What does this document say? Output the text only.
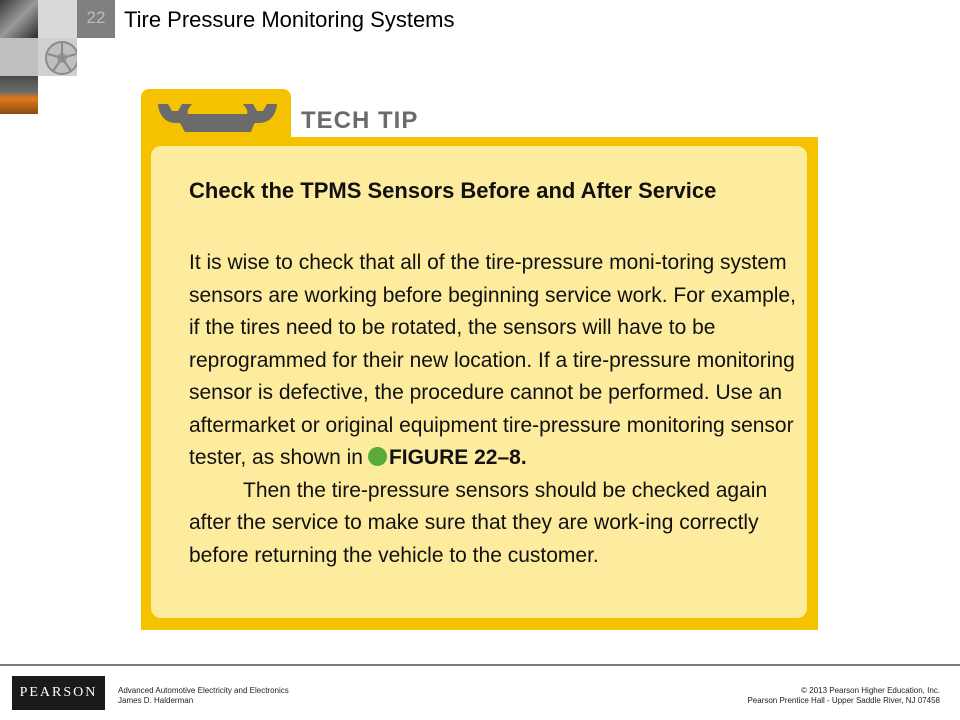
22 Tire Pressure Monitoring Systems
TECH TIP
Check the TPMS Sensors Before and After Service

It is wise to check that all of the tire-pressure moni-toring system sensors are working before beginning service work. For example, if the tires need to be rotated, the sensors will have to be reprogrammed for their new location. If a tire-pressure monitoring sensor is defective, the procedure cannot be performed. Use an aftermarket or original equipment tire-pressure monitoring sensor tester, as shown in FIGURE 22–8.

Then the tire-pressure sensors should be checked again after the service to make sure that they are work-ing correctly before returning the vehicle to the customer.

PEARSON	Advanced Automotive Electricity and Electronics
James D. Halderman
© 2013 Pearson Higher Education, Inc.
Pearson Prentice Hall - Upper Saddle River, NJ 07458
